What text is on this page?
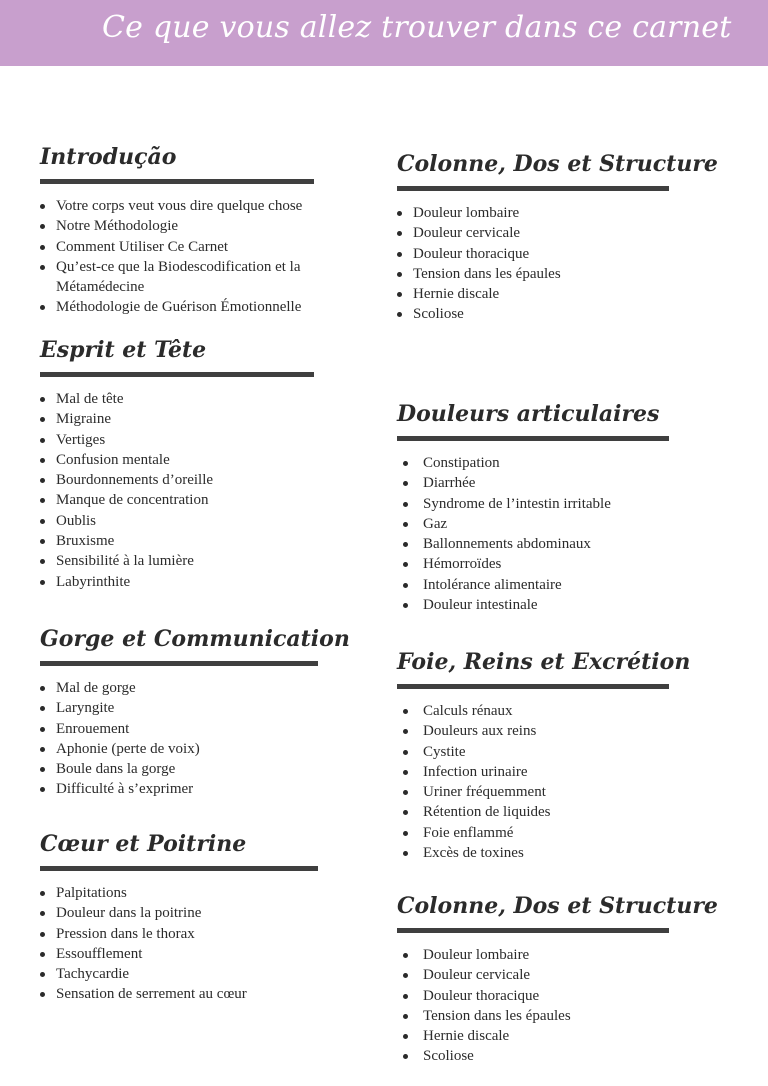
Ce que vous allez trouver dans ce carnet
Introdução
Votre corps veut vous dire quelque chose
Notre Méthodologie
Comment Utiliser Ce Carnet
Qu’est-ce que la Biodescodification et la Métamédecine
Méthodologie de Guérison Émotionnelle
Esprit et Tête
Mal de tête
Migraine
Vertiges
Confusion mentale
Bourdonnements d’oreille
Manque de concentration
Oublis
Bruxisme
Sensibilité à la lumière
Labyrinthite
Gorge et Communication
Mal de gorge
Laryngite
Enrouement
Aphonie (perte de voix)
Boule dans la gorge
Difficulté à s’exprimer
Cœur et Poitrine
Palpitations
Douleur dans la poitrine
Pression dans le thorax
Essoufflement
Tachycardie
Sensation de serrement au cœur
Colonne, Dos et Structure
Douleur lombaire
Douleur cervicale
Douleur thoracique
Tension dans les épaules
Hernie discale
Scoliose
Douleurs articulaires
Constipation
Diarrhée
Syndrome de l’intestin irritable
Gaz
Ballonnements abdominaux
Hémorroïdes
Intolérance alimentaire
Douleur intestinale
Foie, Reins et Excrétion
Calculs rénaux
Douleurs aux reins
Cystite
Infection urinaire
Uriner fréquemment
Rétention de liquides
Foie enflammé
Excès de toxines
Colonne, Dos et Structure
Douleur lombaire
Douleur cervicale
Douleur thoracique
Tension dans les épaules
Hernie discale
Scoliose
